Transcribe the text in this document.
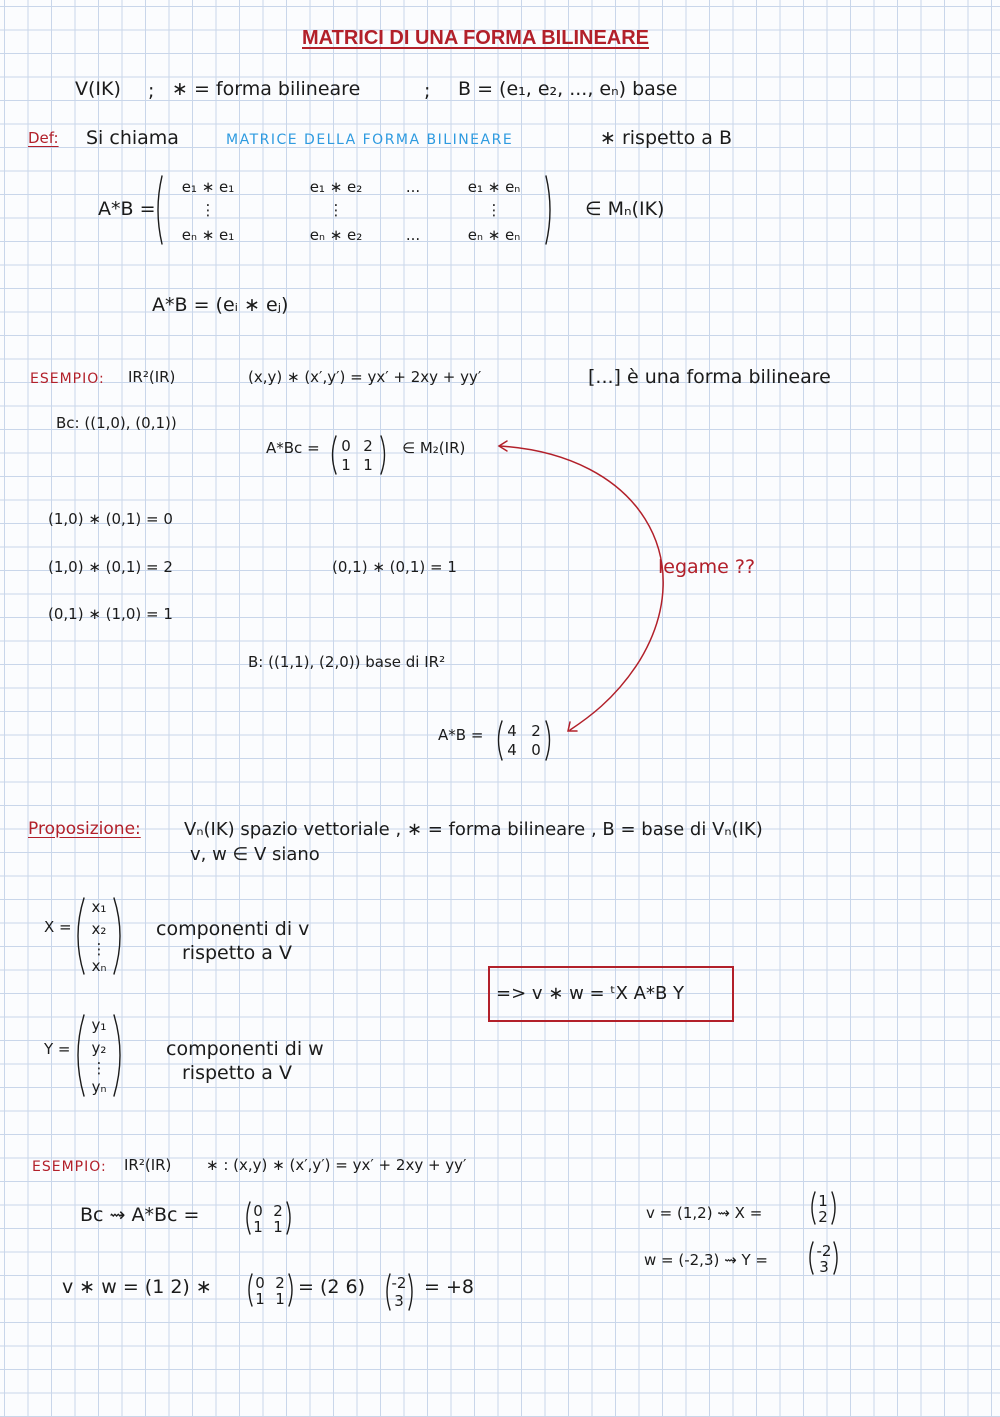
MATRICI DI UNA FORMA BILINEARE
V(IK) ; ∗ = forma bilineare	; B = (e₁, e₂, ..., eₙ) base
Def: Si chiama	MATRICE DELLA FORMA BILINEARE	∗ rispetto a B
A*B =
e₁ ∗ e₁	e₁ ∗ e₂	...	e₁ ∗ eₙ
⋮	⋮	⋮
eₙ ∗ e₁	eₙ ∗ e₂	...	eₙ ∗ eₙ
∈ Mₙ(IK)
A*B = (eᵢ ∗ eⱼ)
ESEMPIO: IR²(IR)	(x,y) ∗ (x′,y′) = yx′ + 2xy + yy′	[...] è una forma bilineare
Bc: ((1,0), (0,1))
A*Bc =	0 2
1 1
∈ M₂(IR)
(1,0) ∗ (0,1) = 0
(1,0) ∗ (0,1) = 2
(0,1) ∗ (1,0) = 1
(0,1) ∗ (0,1) = 1	legame ??
B: ((1,1), (2,0)) base di IR²
A*B =	4 2
4 0
Proposizione: Vₙ(IK) spazio vettoriale , ∗ = forma bilineare , B = base di Vₙ(IK)
v, w ∈ V siano
X =
x₁
x₂
⋮
xₙ
componenti di v
rispetto a V
Y =
y₁
y₂
⋮
yₙ
componenti di w
rispetto a V
=> v ∗ w = ᵗX A*B Y
ESEMPIO: IR²(IR) ∗ : (x,y) ∗ (x′,y′) = yx′ + 2xy + yy′
Bc ⇝ A*Bc =	0 2
1 1
v = (1,2) ⇝ X =
1
2
w = (-2,3) ⇝ Y =	-2
3
v ∗ w = (1 2) ∗	0 2
1 1
= (2 6) -2
3
= +8
